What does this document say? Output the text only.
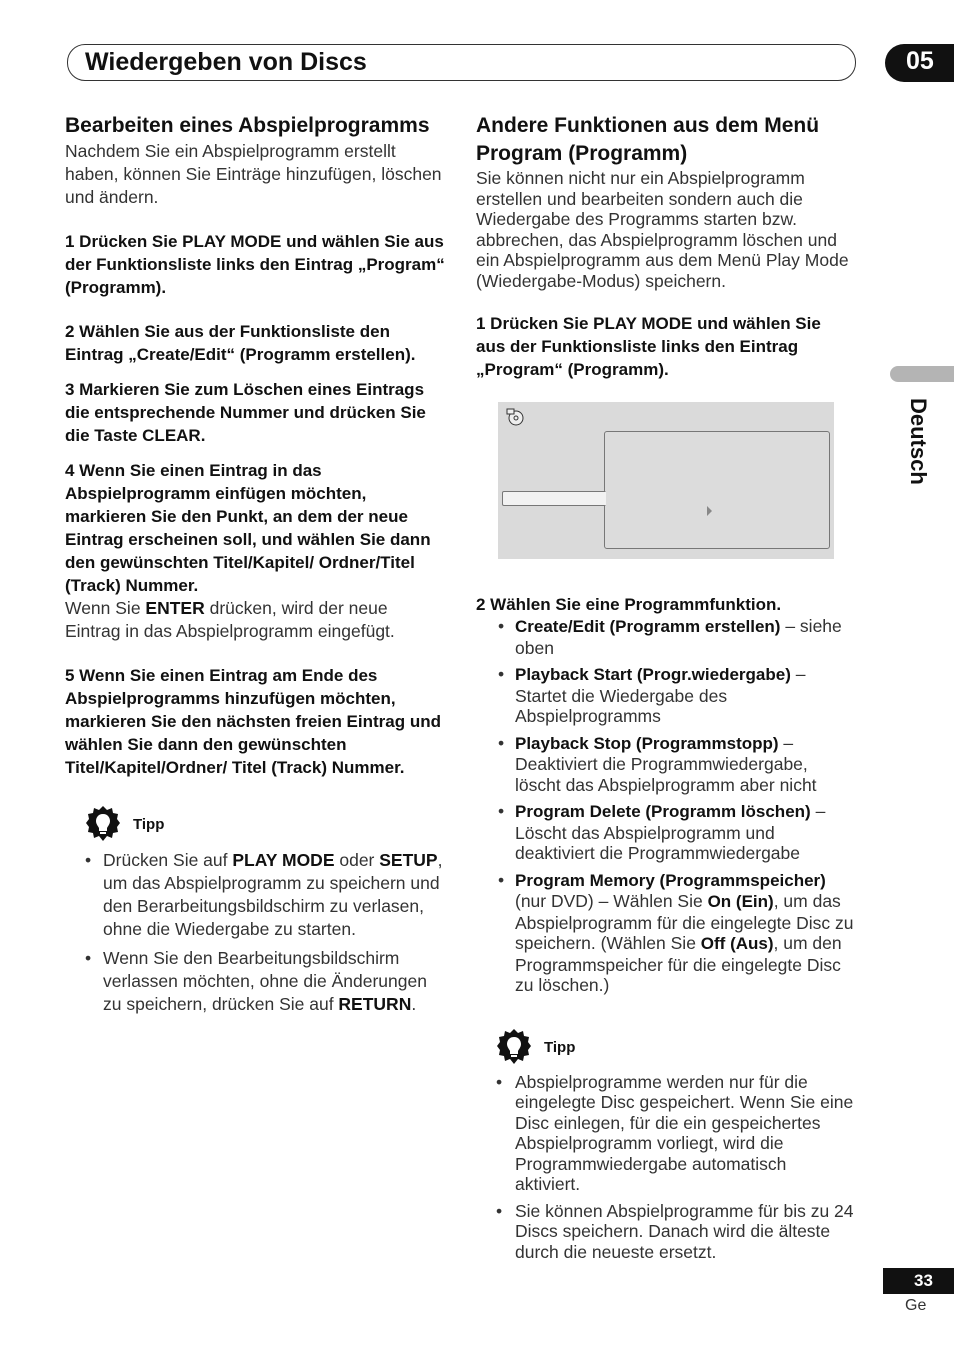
Wiedergeben von Discs	05
Deutsch
Bearbeiten eines Abspielprogramms

Nachdem Sie ein Abspielprogramm erstellt haben, können Sie Einträge hinzufügen, löschen und ändern.

1 Drücken Sie PLAY MODE und wählen Sie aus der Funktionsliste links den Eintrag „Program“ (Programm).

2 Wählen Sie aus der Funktionsliste den Eintrag „Create/Edit“ (Programm erstellen).

3 Markieren Sie zum Löschen eines Eintrags die entsprechende Nummer und drücken Sie die Taste CLEAR.

4 Wenn Sie einen Eintrag in das Abspielprogramm einfügen möchten, markieren Sie den Punkt, an dem der neue Eintrag erscheinen soll, und wählen Sie dann den gewünschten Titel/Kapitel/ Ordner/Titel (Track) Nummer.

Wenn Sie ENTER drücken, wird der neue Eintrag in das Abspielprogramm eingefügt.

5 Wenn Sie einen Eintrag am Ende des Abspielprogramms hinzufügen möchten, markieren Sie den nächsten freien Eintrag und wählen Sie dann den gewünschten Titel/Kapitel/Ordner/ Titel (Track) Nummer.

Tipp
• Drücken Sie auf PLAY MODE oder SETUP, um das Abspielprogramm zu speichern und den Berarbeitungsbildschirm zu verlasen, ohne die Wiedergabe zu starten.
• Wenn Sie den Bearbeitungsbildschirm verlassen möchten, ohne die Änderungen zu speichern, drücken Sie auf RETURN.
Andere Funktionen aus dem Menü Program (Programm)

Sie können nicht nur ein Abspielprogramm erstellen und bearbeiten sondern auch die Wiedergabe des Programms starten bzw. abbrechen, das Abspielprogramm löschen und ein Abspielprogramm aus dem Menü Play Mode (Wiedergabe-Modus) speichern.

1 Drücken Sie PLAY MODE und wählen Sie aus der Funktionsliste links den Eintrag „Program“ (Programm).

2 Wählen Sie eine Programmfunktion.

• Create/Edit (Programm erstellen) – siehe oben
• Playback Start (Progr.wiedergabe) – Startet die Wiedergabe des Abspielprogramms
• Playback Stop (Programmstopp) – Deaktiviert die Programmwiedergabe, löscht das Abspielprogramm aber nicht
• Program Delete (Programm löschen) – Löscht das Abspielprogramm und deaktiviert die Programmwiedergabe
• Program Memory (Programmspeicher) (nur DVD) – Wählen Sie On (Ein), um das Abspielprogramm für die eingelegte Disc zu speichern. (Wählen Sie Off (Aus), um den Programmspeicher für die eingelegte Disc zu löschen.)
Tipp
• Abspielprogramme werden nur für die eingelegte Disc gespeichert. Wenn Sie eine Disc einlegen, für die ein gespeichertes Abspielprogramm vorliegt, wird die Programmwiedergabe automatisch aktiviert.
• Sie können Abspielprogramme für bis zu 24 Discs speichern. Danach wird die älteste durch die neueste ersetzt.
33
Ge
